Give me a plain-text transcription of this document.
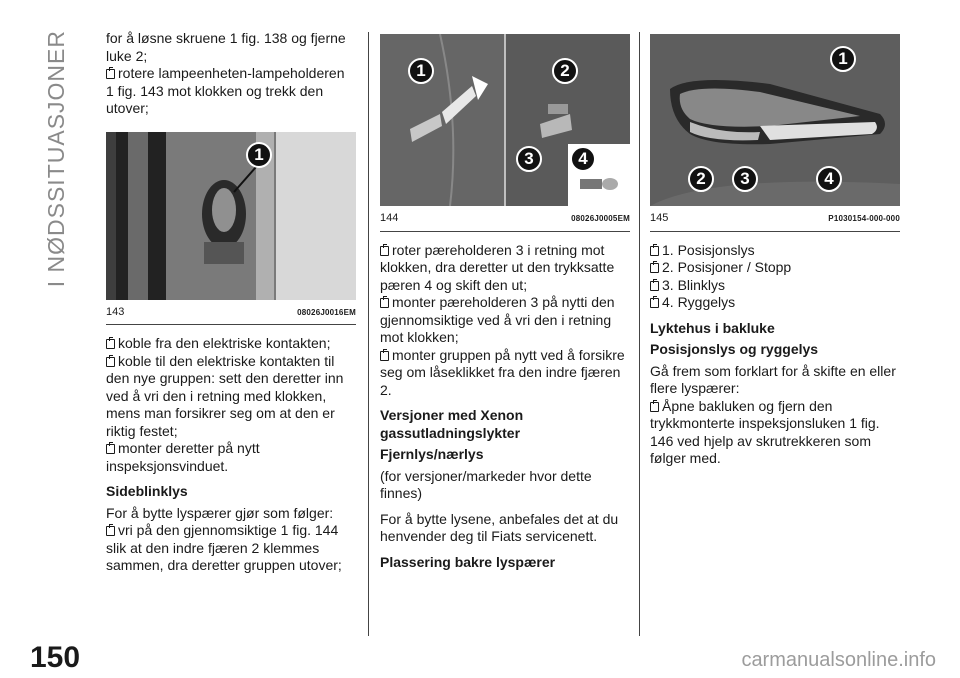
I NØDSSITUASJONER	for å løsne skruene 1 fig. 138 og fjerne luke 2;

rotere lampeenheten-lampeholderen 1 fig. 143 mot klokken og trekk den utover;

1
143	08026J0016EM

koble fra den elektriske kontakten;

koble til den elektriske kontakten til den nye gruppen: sett den deretter inn ved å vri den i retning med klokken, mens man forsikrer seg om at den er riktig festet;

monter deretter på nytt inspeksjonsvinduet.

Sideblinklys

For å bytte lyspærer gjør som følger:

vri på den gjennomsiktige 1 fig. 144 slik at den indre fjæren 2 klemmes sammen, dra deretter gruppen utover;

1	2
3	4
144	08026J0005EM

roter pæreholderen 3 i retning mot klokken, dra deretter ut den trykksatte pæren 4 og skift den ut;

monter pæreholderen 3 på nytti den gjennomsiktige ved å vri den i retning mot klokken;

monter gruppen på nytt ved å forsikre seg om låseklikket fra den indre fjæren 2.

Versjoner med Xenon gassutladningslykter
Fjernlys/nærlys

(for versjoner/markeder hvor dette finnes)

For å bytte lysene, anbefales det at du henvender deg til Fiats servicenett.

Plassering bakre lyspærer
1
2	3	4
145	P1030154-000-000

1. Posisjonslys

2. Posisjoner / Stopp

3. Blinklys

4. Ryggelys

Lyktehus i bakluke
Posisjonslys og ryggelys

Gå frem som forklart for å skifte en eller flere lyspærer:

Åpne bakluken og fjern den trykkmonterte inspeksjonsluken 1 fig. 146 ved hjelp av skrutrekkeren som følger med.

150	carmanualsonline.info
